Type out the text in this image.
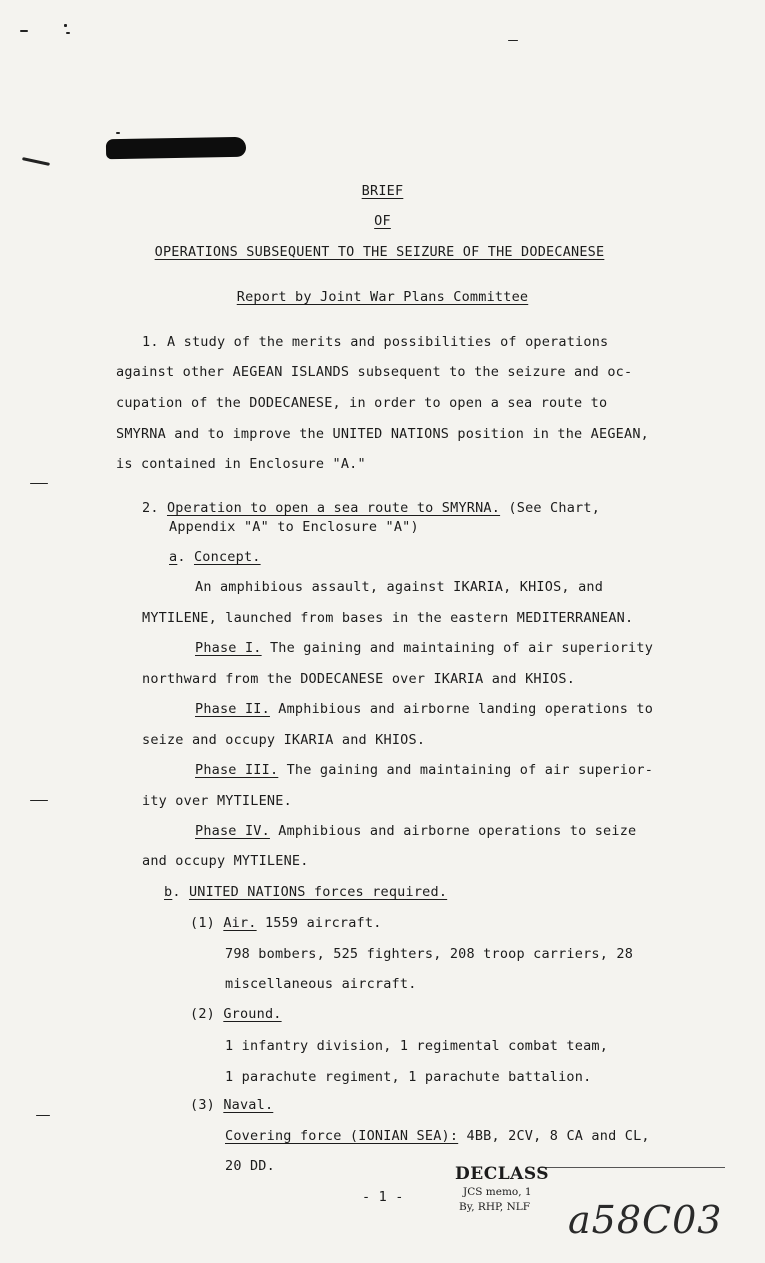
BRIEF
OF
OPERATIONS SUBSEQUENT TO THE SEIZURE OF THE DODECANESE
Report by Joint War Plans Committee
1. A study of the merits and possibilities of operations
against other AEGEAN ISLANDS subsequent to the seizure and oc-
cupation of the DODECANESE, in order to open a sea route to
SMYRNA and to improve the UNITED NATIONS position in the AEGEAN,
is contained in Enclosure "A."
2. Operation to open a sea route to SMYRNA. (See Chart,
Appendix "A" to Enclosure "A")
a. Concept.
An amphibious assault, against IKARIA, KHIOS, and
MYTILENE, launched from bases in the eastern MEDITERRANEAN.
Phase I. The gaining and maintaining of air superiority
northward from the DODECANESE over IKARIA and KHIOS.
Phase II. Amphibious and airborne landing operations to
seize and occupy IKARIA and KHIOS.
Phase III. The gaining and maintaining of air superior-
ity over MYTILENE.
Phase IV. Amphibious and airborne operations to seize
and occupy MYTILENE.
b. UNITED NATIONS forces required.
(1) Air. 1559 aircraft.
798 bombers, 525 fighters, 208 troop carriers, 28
miscellaneous aircraft.
(2) Ground.
1 infantry division, 1 regimental combat team,
1 parachute regiment, 1 parachute battalion.
(3) Naval.
Covering force (IONIAN SEA): 4BB, 2CV, 8 CA and CL,
20 DD.
- 1 -
DECLASS
JCS memo, 1
By, RHP, NLF a58C03
